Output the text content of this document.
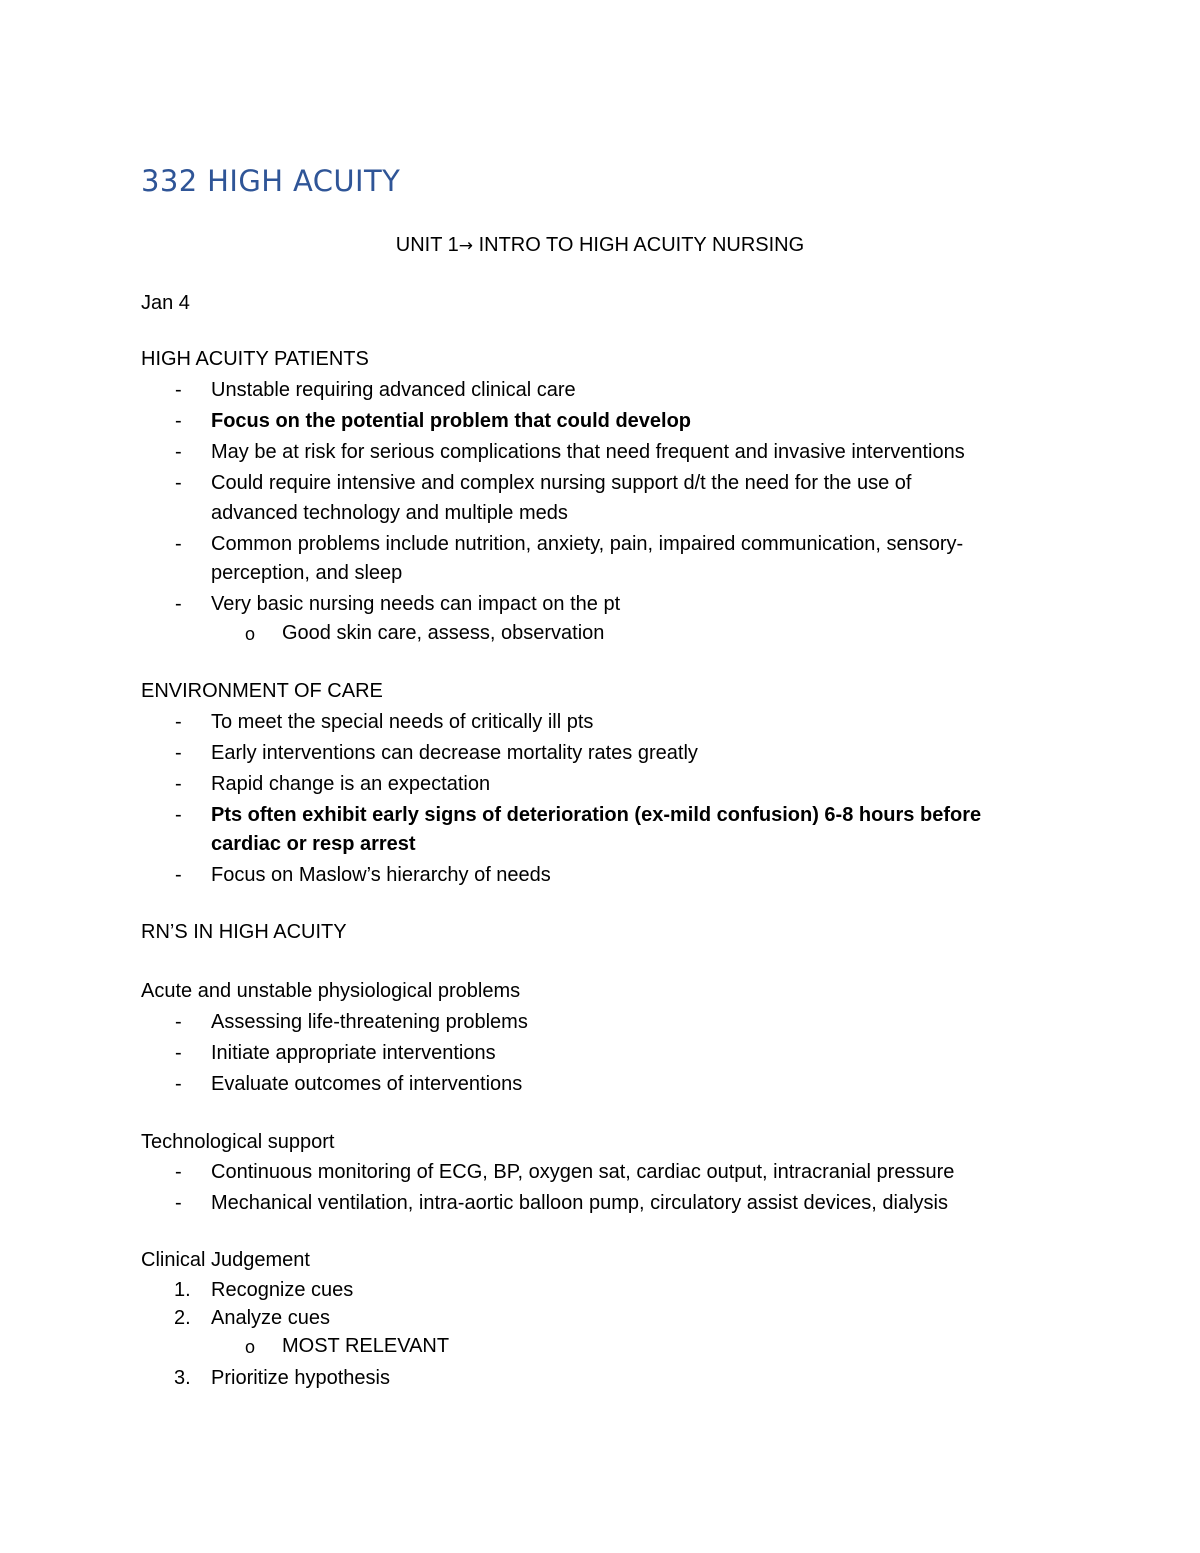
332 HIGH ACUITY
UNIT 1→ INTRO TO HIGH ACUITY NURSING
Jan 4
HIGH ACUITY PATIENTS
- Unstable requiring advanced clinical care
- Focus on the potential problem that could develop
- May be at risk for serious complications that need frequent and invasive interventions
- Could require intensive and complex nursing support d/t the need for the use of
advanced technology and multiple meds
- Common problems include nutrition, anxiety, pain, impaired communication, sensory-
perception, and sleep
- Very basic nursing needs can impact on the pt
o Good skin care, assess, observation
ENVIRONMENT OF CARE
- To meet the special needs of critically ill pts
- Early interventions can decrease mortality rates greatly
- Rapid change is an expectation
- Pts often exhibit early signs of deterioration (ex-mild confusion) 6-8 hours before
cardiac or resp arrest
- Focus on Maslow’s hierarchy of needs
RN’S IN HIGH ACUITY
Acute and unstable physiological problems
- Assessing life-threatening problems
- Initiate appropriate interventions
- Evaluate outcomes of interventions
Technological support
- Continuous monitoring of ECG, BP, oxygen sat, cardiac output, intracranial pressure
- Mechanical ventilation, intra-aortic balloon pump, circulatory assist devices, dialysis
Clinical Judgement
1. Recognize cues
2. Analyze cues
o MOST RELEVANT
3. Prioritize hypothesis
